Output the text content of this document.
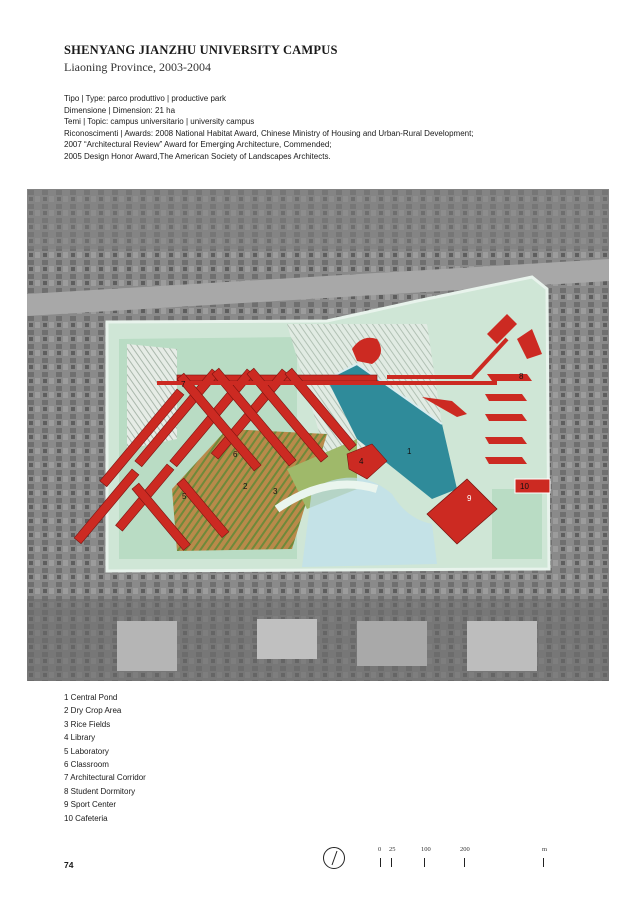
SHENYANG JIANZHU UNIVERSITY CAMPUS
Liaoning Province, 2003-2004
Tipo | Type: parco produttivo | productive park
Dimensione | Dimension: 21 ha
Temi | Topic: campus universitario | university campus
Riconoscimenti | Awards: 2008 National Habitat Award, Chinese Ministry of Housing and Urban-Rural Development;
2007 “Architectural Review” Award for Emerging Architecture, Commended;
2005 Design Honor Award,The American Society of Landscapes Architects.
1
2
3
4
5
6
7
8
9
10
1 Central Pond
2 Dry Crop Area
3 Rice Fields
4 Library
5 Laboratory
6 Classroom
7 Architectural Corridor
8 Student Dormitory
9 Sport Center
10 Cafeteria
74
0 25	100	200	m
